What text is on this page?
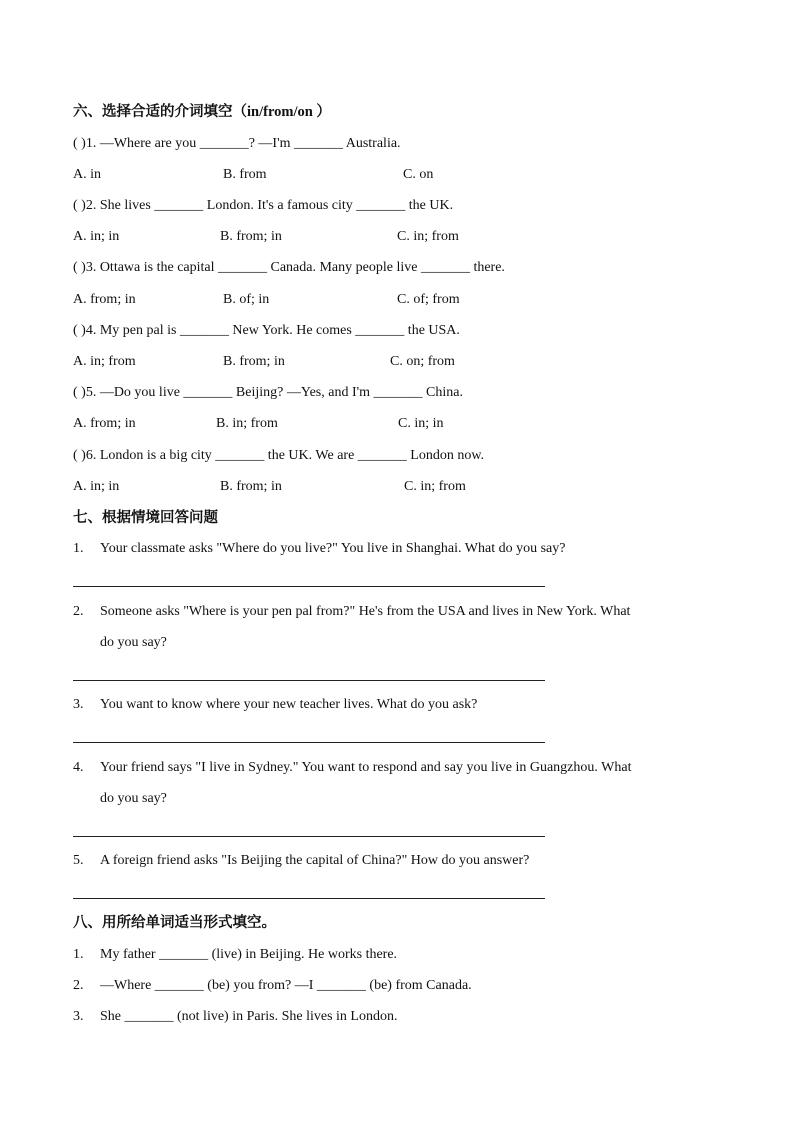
六、选择合适的介词填空（in/from/on ）
( )1. —Where are you _______? —I'm _______ Australia.
A. in	B. from	C. on
( )2. She lives _______ London. It's a famous city _______ the UK.
A. in; in	B. from; in	C. in; from
( )3. Ottawa is the capital _______ Canada. Many people live _______ there.
A. from; in	B. of; in	C. of; from
( )4. My pen pal is _______ New York. He comes _______ the USA.
A. in; from	B. from; in	C. on; from
( )5. —Do you live _______ Beijing? —Yes, and I'm _______ China.
A. from; in	B. in; from	C. in; in
( )6. London is a big city _______ the UK. We are _______ London now.
A. in; in	B. from; in	C. in; from
七、根据情境回答问题
1. Your classmate asks "Where do you live?" You live in Shanghai. What do you say?
2. Someone asks "Where is your pen pal from?" He's from the USA and lives in New York. What
do you say?
3. You want to know where your new teacher lives. What do you ask?
4. Your friend says "I live in Sydney." You want to respond and say you live in Guangzhou. What
do you say?
5. A foreign friend asks "Is Beijing the capital of China?" How do you answer?
八、用所给单词适当形式填空。
1. My father _______ (live) in Beijing. He works there.
2. —Where _______ (be) you from? —I _______ (be) from Canada.
3. She _______ (not live) in Paris. She lives in London.
